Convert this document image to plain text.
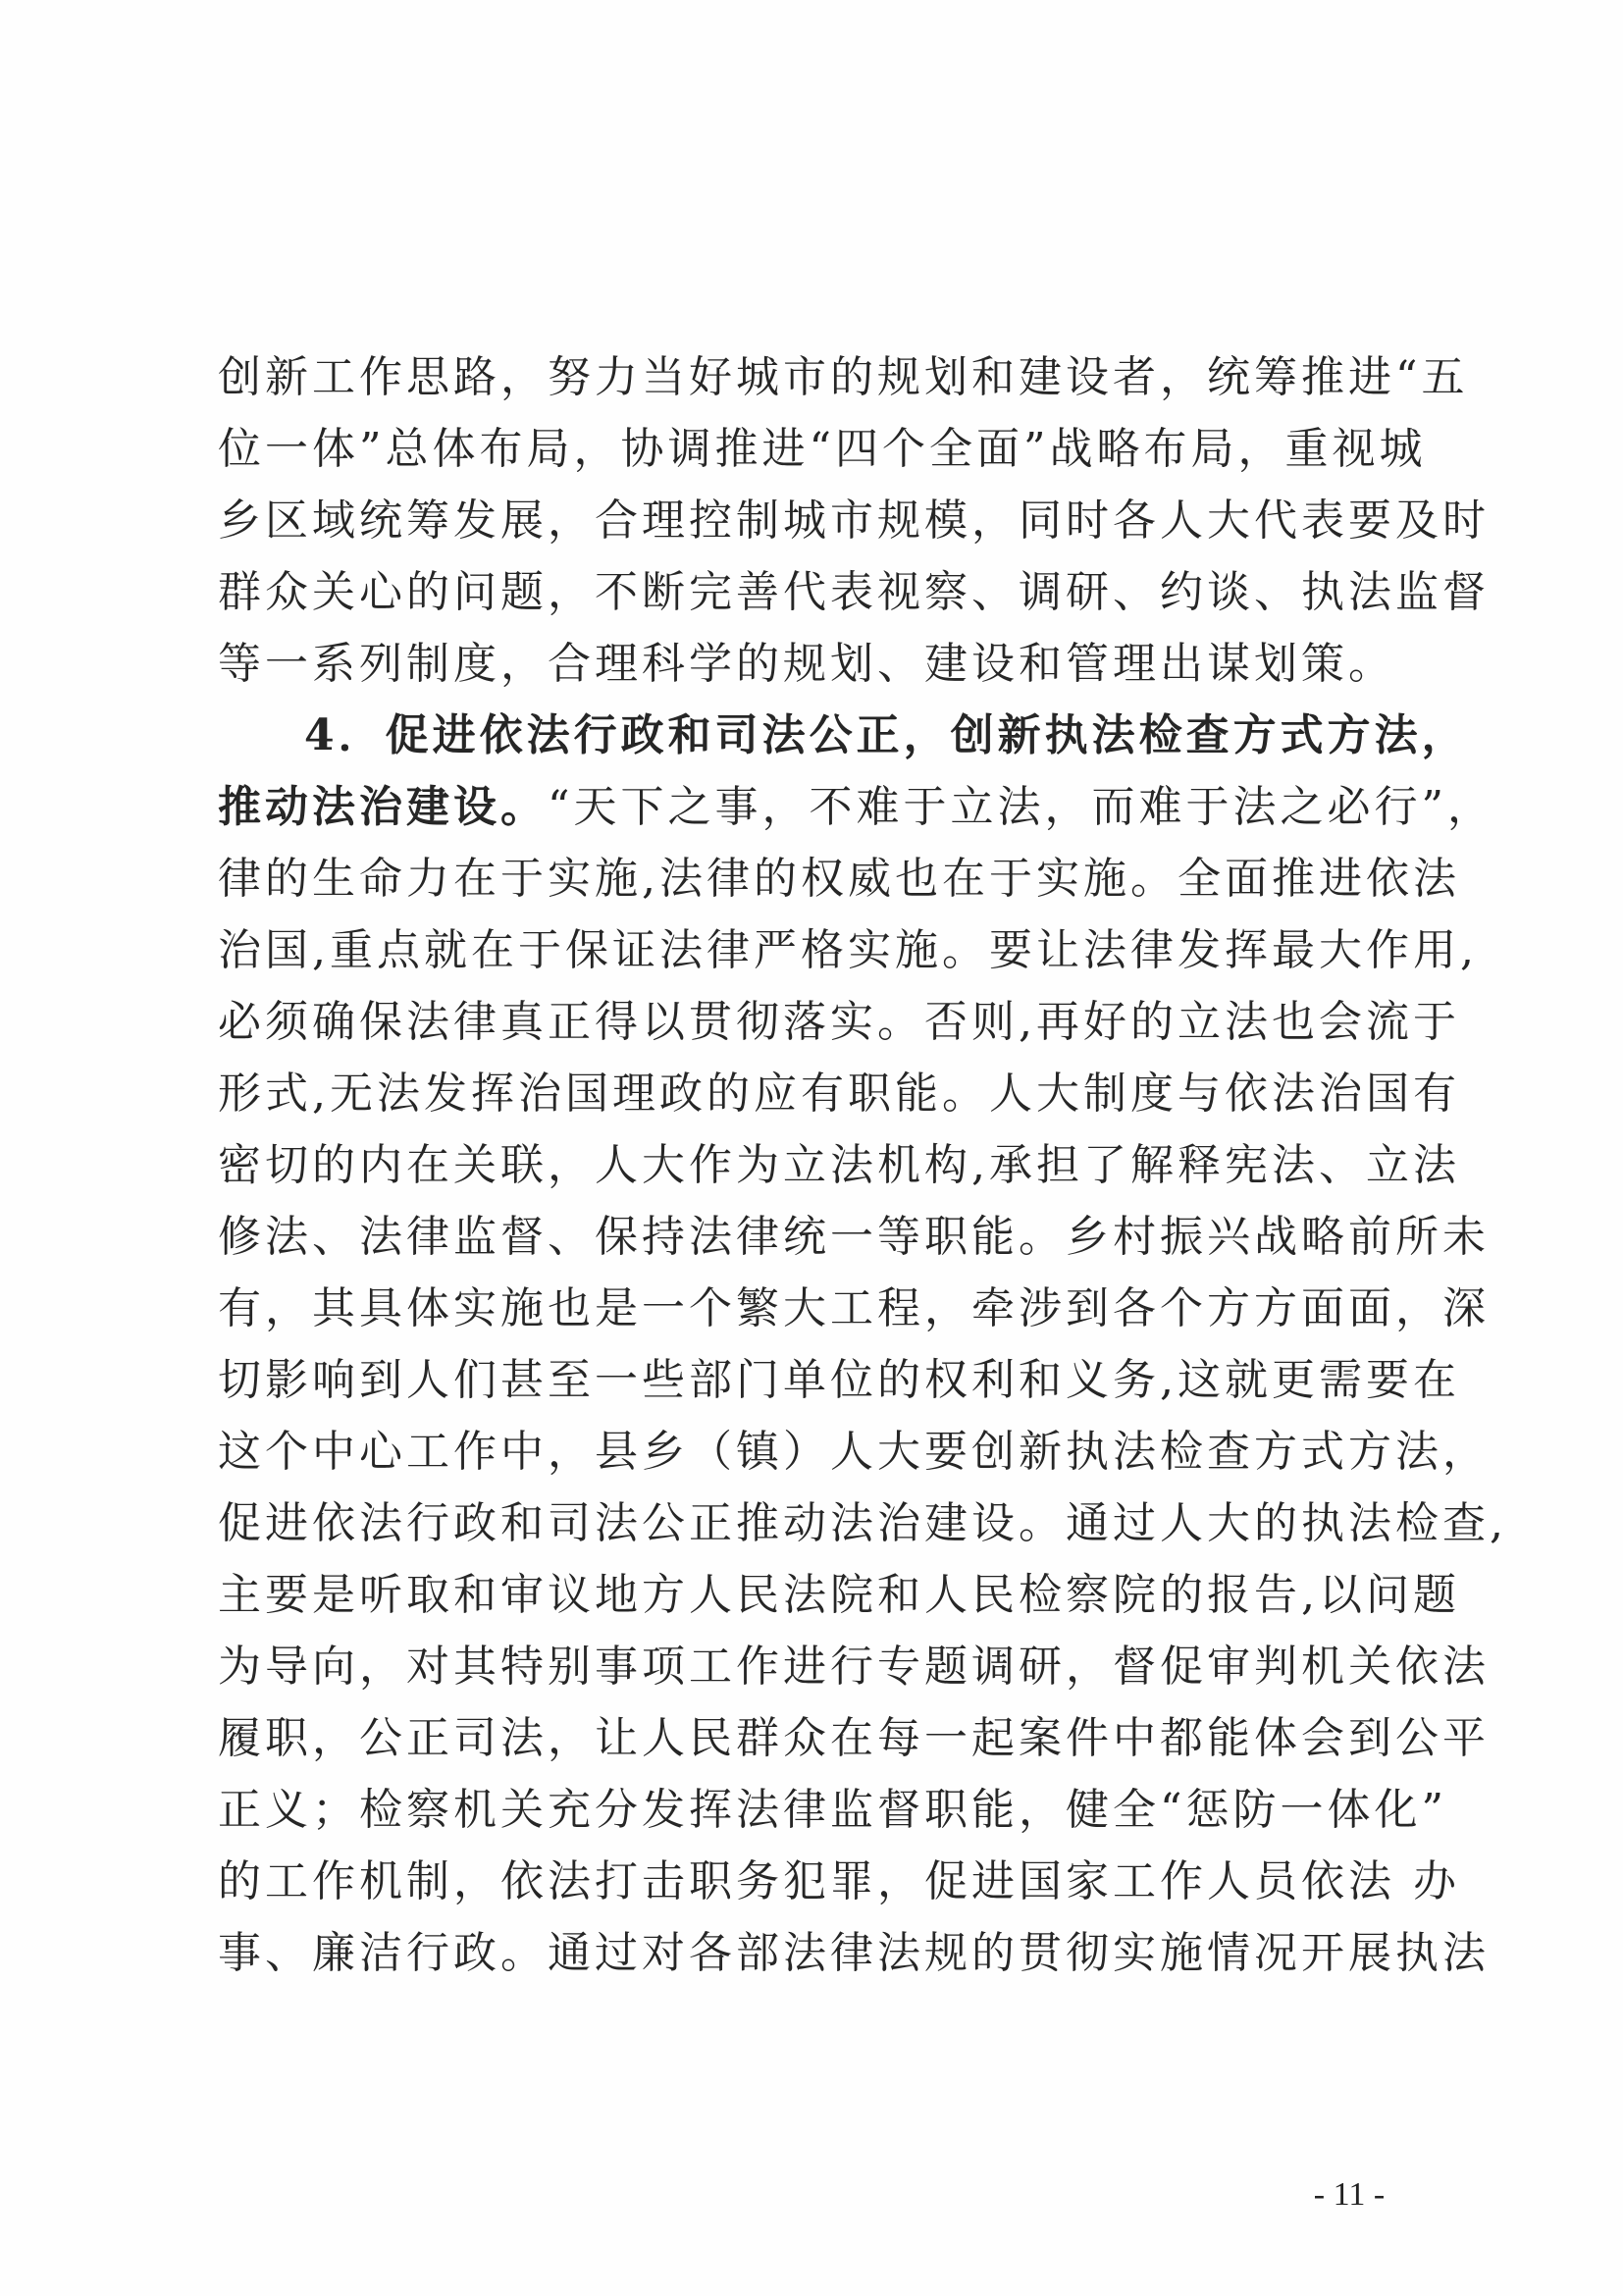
创新工作思路，努力当好城市的规划和建设者，统筹推进“五
位一体”总体布局，协调推进“四个全面”战略布局，重视城
乡区域统筹发展，合理控制城市规模，同时各人大代表要及时
群众关心的问题，不断完善代表视察、调研、约谈、执法监督
等一系列制度，合理科学的规划、建设和管理出谋划策。
4．促进依法行政和司法公正，创新执法检查方式方法，
推动法治建设。“天下之事，不难于立法，而难于法之必行”，
律的生命力在于实施,法律的权威也在于实施。全面推进依法
治国,重点就在于保证法律严格实施。要让法律发挥最大作用,
必须确保法律真正得以贯彻落实。否则,再好的立法也会流于
形式,无法发挥治国理政的应有职能。人大制度与依法治国有
密切的内在关联，人大作为立法机构,承担了解释宪法、立法
修法、法律监督、保持法律统一等职能。乡村振兴战略前所未
有，其具体实施也是一个繁大工程，牵涉到各个方方面面，深
切影响到人们甚至一些部门单位的权利和义务,这就更需要在
这个中心工作中，县乡（镇）人大要创新执法检查方式方法，
促进依法行政和司法公正推动法治建设。通过人大的执法检查,
主要是听取和审议地方人民法院和人民检察院的报告,以问题
为导向，对其特别事项工作进行专题调研，督促审判机关依法
履职，公正司法，让人民群众在每一起案件中都能体会到公平
正义；检察机关充分发挥法律监督职能，健全“惩防一体化”
的工作机制，依法打击职务犯罪，促进国家工作人员依法 办
事、廉洁行政。通过对各部法律法规的贯彻实施情况开展执法
- 11 -
